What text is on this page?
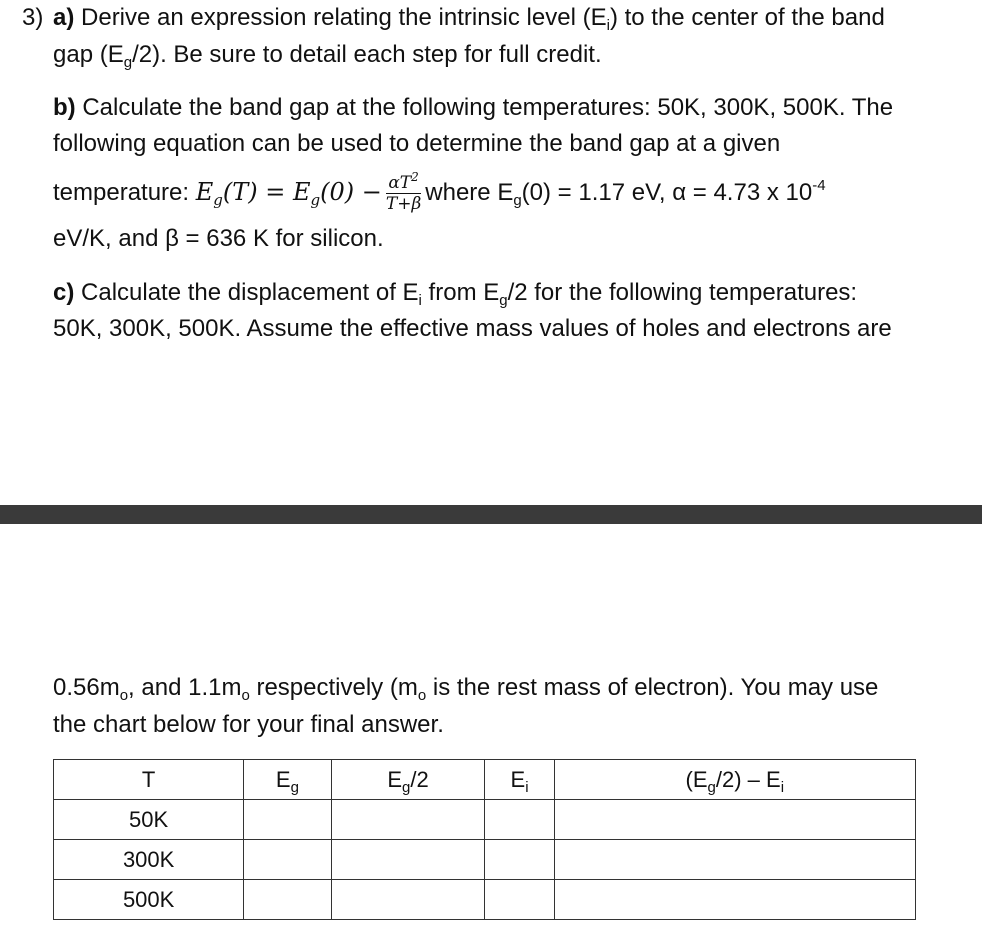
3) a) Derive an expression relating the intrinsic level $(E_i)$ to the center of the band
gap $(E_g/2)$. Be sure to detail each step for full credit.
b) Calculate the band gap at the following temperatures: 50K, 300K, 500K. The
following equation can be used to determine the band gap at a given
temperature: $E_g(T) = E_g(0) - \frac{\alpha T^2}{T+\beta}$ where $E_g(0) = 1.17$ eV, α = 4.73 x $10^{-4}$
eV/K, and β = 636 K for silicon.
c) Calculate the displacement of $E_i$ from $E_g/2$ for the following temperatures:
50K, 300K, 500K. Assume the effective mass values of holes and electrons are
$0.56m_o$, and $1.1m_o$ respectively ($m_o$ is the rest mass of electron). You may use
the chart below for your final answer.
T	$E_g$	$E_g/2$	$E_i$	$(E_g/2) - E_i$
50K				
300K				
500K				
